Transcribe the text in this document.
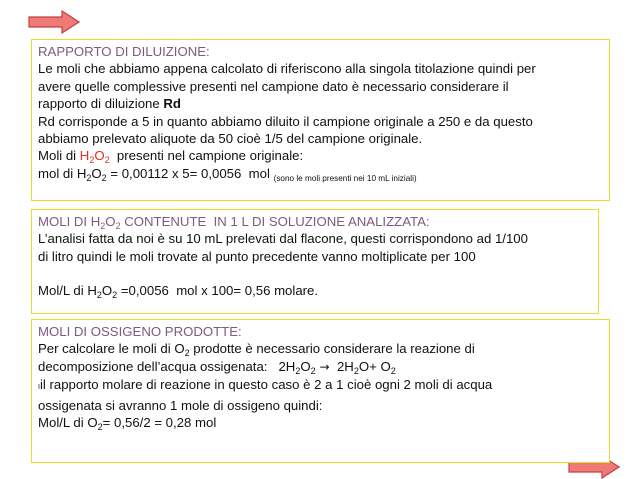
RAPPORTO DI DILUIZIONE:
Le moli che abbiamo appena calcolato di riferiscono alla singola titolazione quindi per
avere quelle complessive presenti nel campione dato è necessario considerare il
rapporto di diluizione Rd
Rd corrisponde a 5 in quanto abbiamo diluito il campione originale a 250 e da questo
abbiamo prelevato aliquote da 50 cioè 1/5 del campione originale.
Moli di $H_2O_2$  presenti nel campione originale:
mol di $H_2O_2 = 0,00112$ x 5= 0,0056  mol $_{(sono le moli presenti nei 10 mL iniziali)}$
MOLI DI $H_2O_2$ CONTENUTE  IN 1 L DI SOLUZIONE ANALIZZATA:
L’analisi fatta da noi è su 10 mL prelevati dal flacone, questi corrispondono ad 1/100
di litro quindi le moli trovate al punto precedente vanno moltiplicate per 100
Mol/L di $H_2O_2 =0,0056$  mol x 100= 0,56 molare.
MOLI DI OSSIGENO PRODOTTE:
Per calcolare le moli di $O_2$ prodotte è necessario considerare la reazione di
decomposizione dell’acqua ossigenata:   $2H_2O_2 \to 2H_2O+ O_2$
Iil rapporto molare di reazione in questo caso è 2 a 1 cioè ogni 2 moli di acqua
ossigenata si avranno 1 mole di ossigeno quindi:
Mol/L di $O_2= 0,56/2 = 0,28$ mol
